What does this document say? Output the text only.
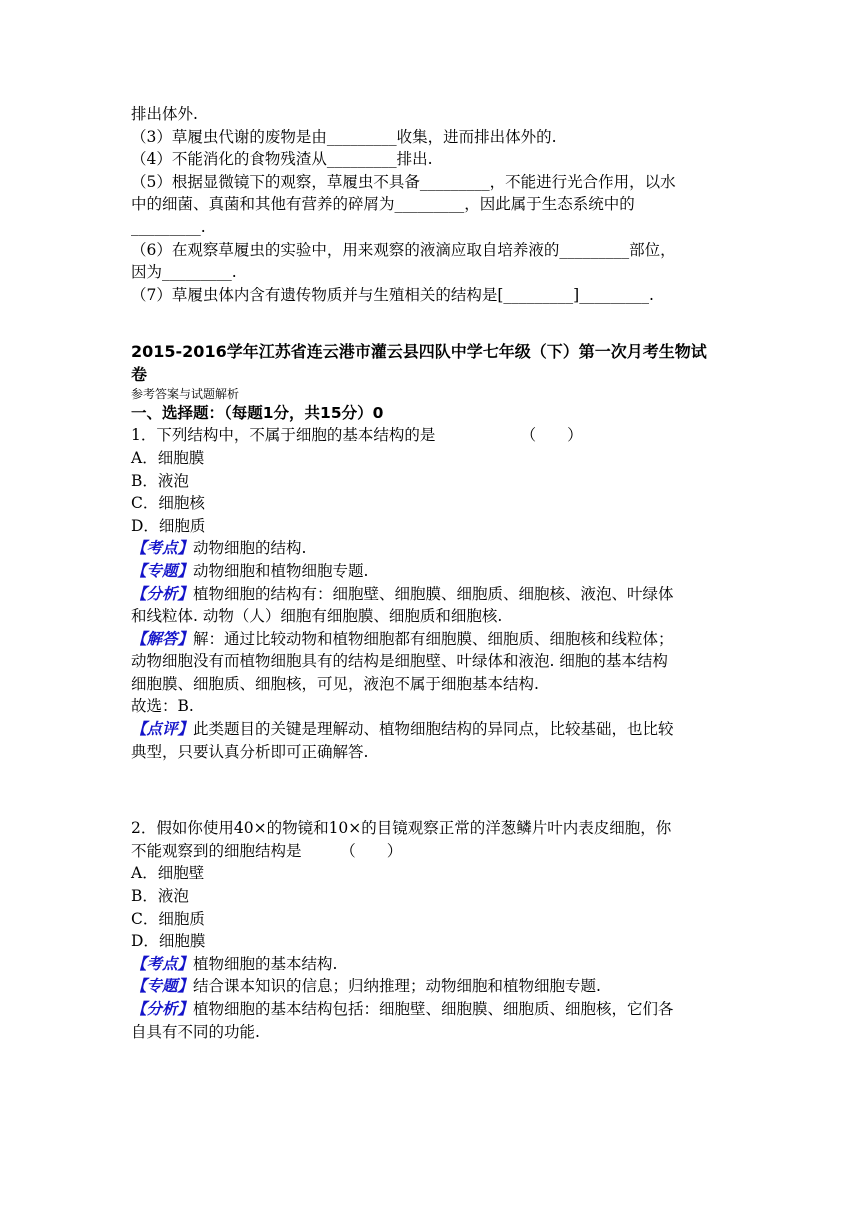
排出体外.
（3）草履虫代谢的废物是由_________收集，进而排出体外的.
（4）不能消化的食物残渣从_________排出.
（5）根据显微镜下的观察，草履虫不具备_________，不能进行光合作用，以水
中的细菌、真菌和其他有营养的碎屑为_________，因此属于生态系统中的
_________.
（6）在观察草履虫的实验中，用来观察的液滴应取自培养液的_________部位，
因为_________.
（7）草履虫体内含有遗传物质并与生殖相关的结构是[_________]_________.
2015-2016学年江苏省连云港市灌云县四队中学七年级（下）第一次月考生物试
卷
参考答案与试题解析
一、选择题：（每题1分，共15分）0
1．下列结构中，不属于细胞的基本结构的是　　　　　　（　　）
A．细胞膜
B．液泡
C．细胞核
D．细胞质
【考点】动物细胞的结构.
【专题】动物细胞和植物细胞专题.
【分析】植物细胞的结构有：细胞壁、细胞膜、细胞质、细胞核、液泡、叶绿体
和线粒体. 动物（人）细胞有细胞膜、细胞质和细胞核.
【解答】解：通过比较动物和植物细胞都有细胞膜、细胞质、细胞核和线粒体；
动物细胞没有而植物细胞具有的结构是细胞壁、叶绿体和液泡. 细胞的基本结构
细胞膜、细胞质、细胞核，可见，液泡不属于细胞基本结构.
故选：B.
【点评】此类题目的关键是理解动、植物细胞结构的异同点，比较基础，也比较
典型，只要认真分析即可正确解答.
2．假如你使用40×的物镜和10×的目镜观察正常的洋葱鳞片叶内表皮细胞，你
不能观察到的细胞结构是　　　（　　）
A．细胞壁
B．液泡
C．细胞质
D．细胞膜
【考点】植物细胞的基本结构.
【专题】结合课本知识的信息；归纳推理；动物细胞和植物细胞专题.
【分析】植物细胞的基本结构包括：细胞壁、细胞膜、细胞质、细胞核，它们各
自具有不同的功能.
